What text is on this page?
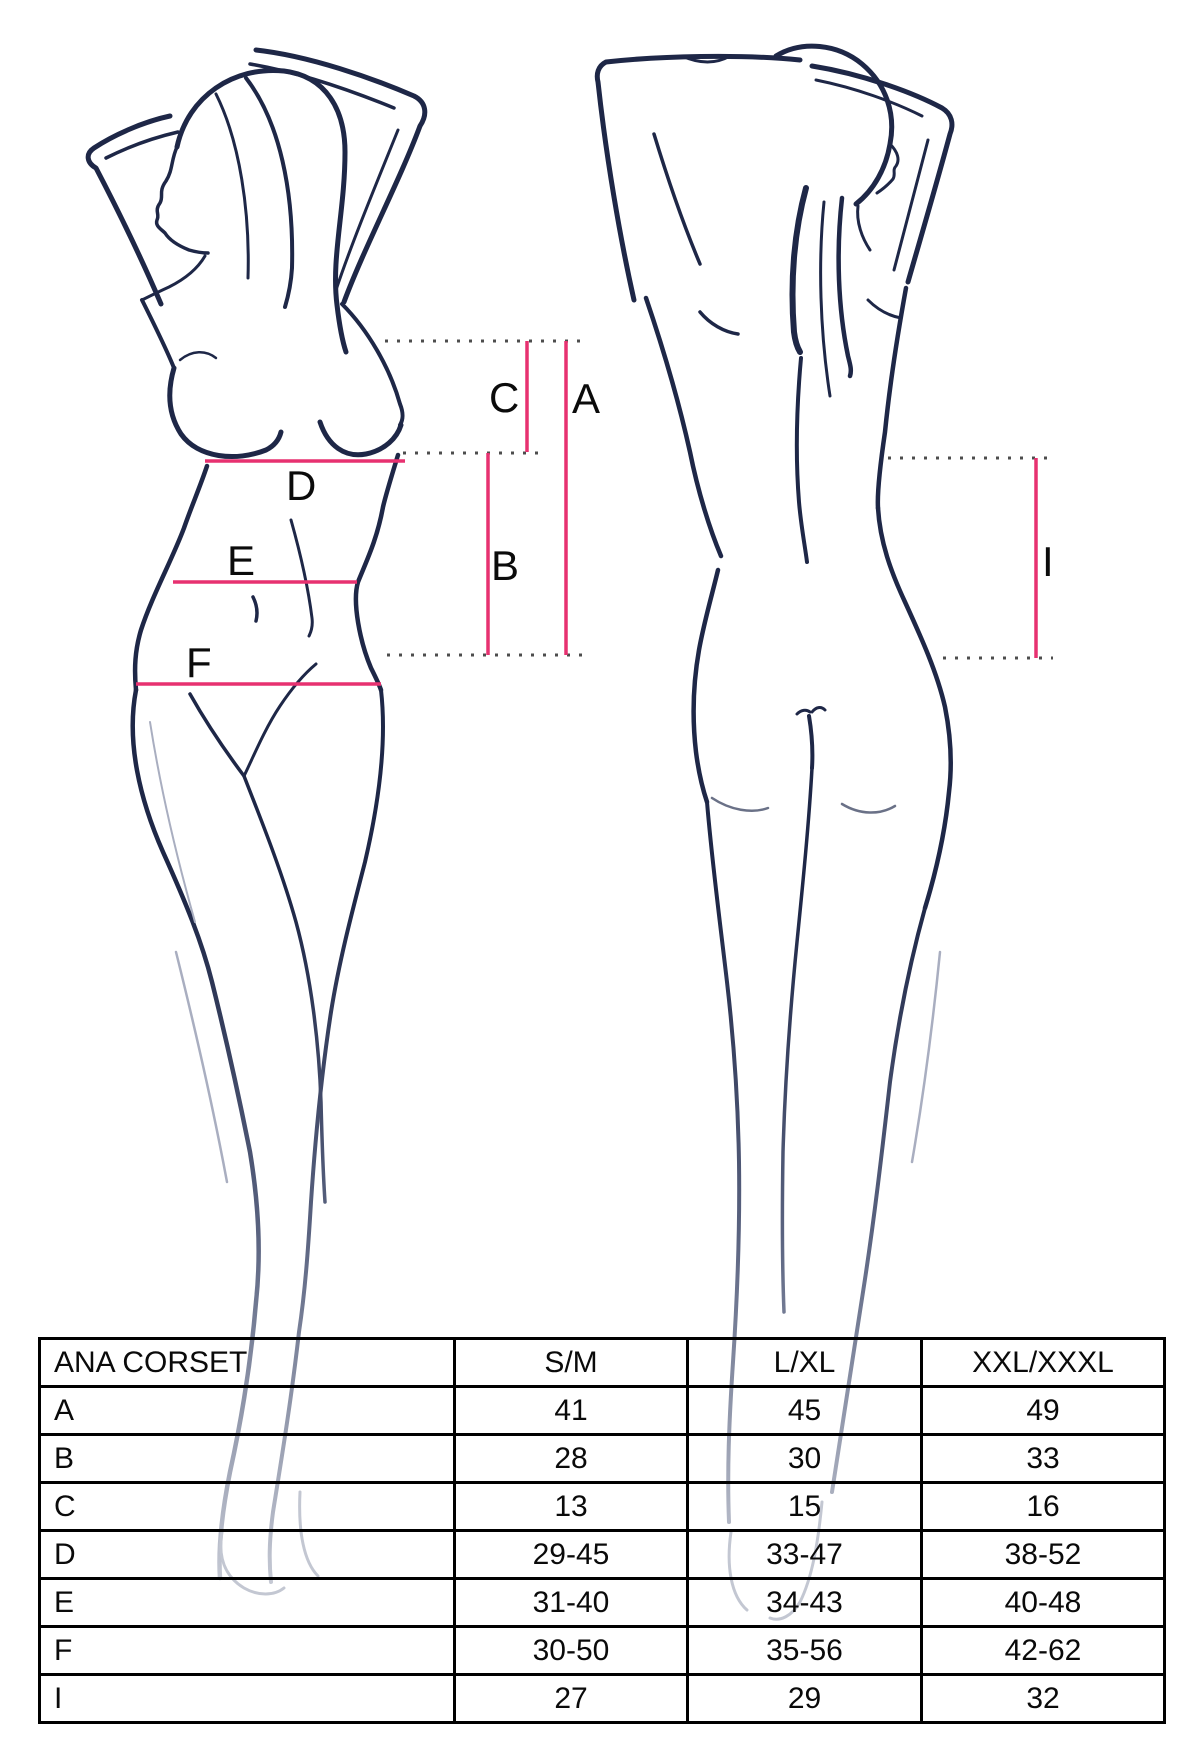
C A
D
B
E
F
I
ANA CORSET	S/M	L/XL	XXL/XXXL
A	41	45	49
B	28	30	33
C	13	15	16
D	29-45	33-47	38-52
E	31-40	34-43	40-48
F	30-50	35-56	42-62
I	27	29	32
